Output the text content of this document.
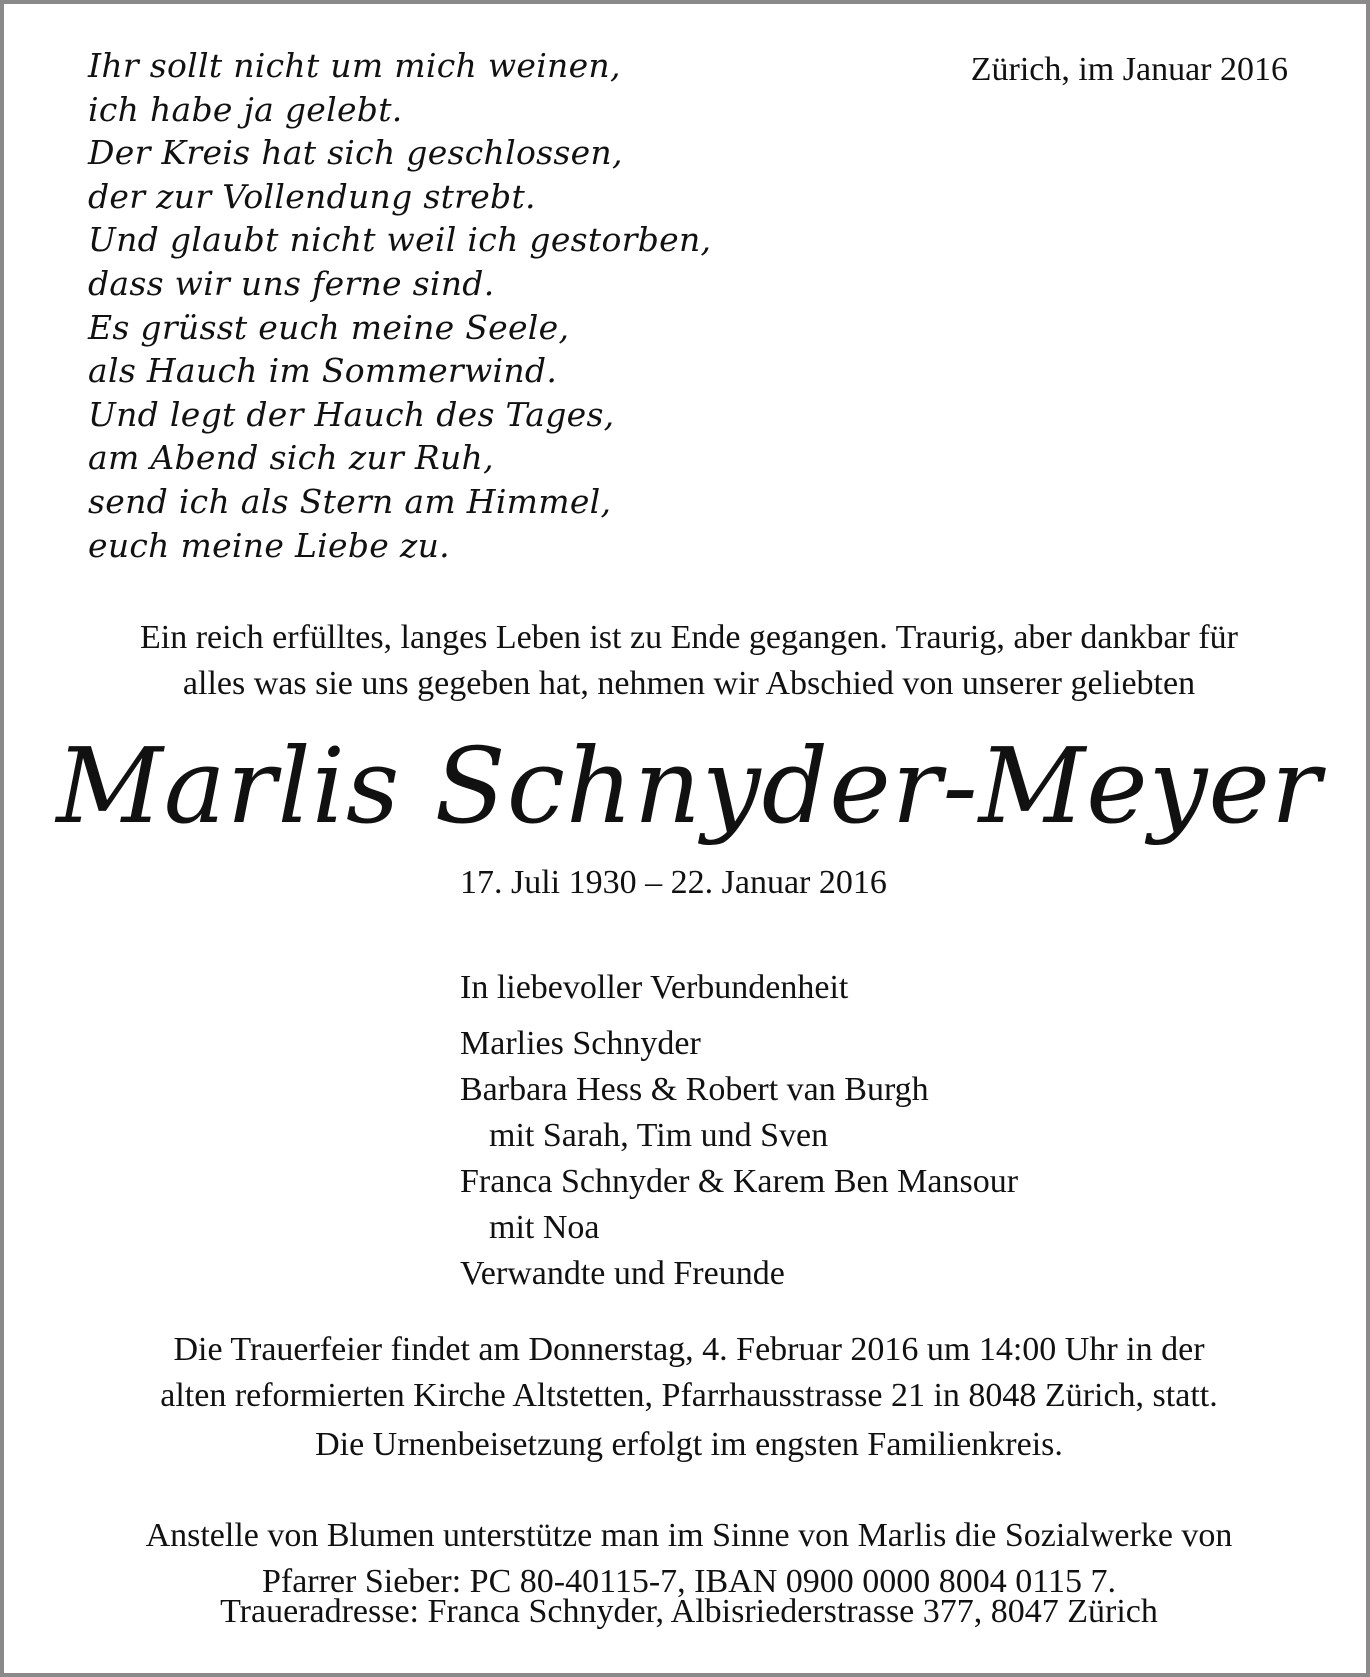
Ihr sollt nicht um mich weinen,
ich habe ja gelebt.
Der Kreis hat sich geschlossen,
der zur Vollendung strebt.
Und glaubt nicht weil ich gestorben,
dass wir uns ferne sind.
Es grüsst euch meine Seele,
als Hauch im Sommerwind.
Und legt der Hauch des Tages,
am Abend sich zur Ruh,
send ich als Stern am Himmel,
euch meine Liebe zu.
Zürich, im Januar 2016
Ein reich erfülltes, langes Leben ist zu Ende gegangen. Traurig, aber dankbar für
alles was sie uns gegeben hat, nehmen wir Abschied von unserer geliebten
Marlis Schnyder-Meyer
17. Juli 1930 – 22. Januar 2016
In liebevoller Verbundenheit
Marlies Schnyder
Barbara Hess & Robert van Burgh
mit Sarah, Tim und Sven
Franca Schnyder & Karem Ben Mansour
mit Noa
Verwandte und Freunde
Die Trauerfeier findet am Donnerstag, 4. Februar 2016 um 14:00 Uhr in der
alten reformierten Kirche Altstetten, Pfarrhausstrasse 21 in 8048 Zürich, statt.
Die Urnenbeisetzung erfolgt im engsten Familienkreis.
Anstelle von Blumen unterstütze man im Sinne von Marlis die Sozialwerke von
Pfarrer Sieber: PC 80-40115-7, IBAN 0900 0000 8004 0115 7.
Traueradresse: Franca Schnyder, Albisriederstrasse 377, 8047 Zürich
